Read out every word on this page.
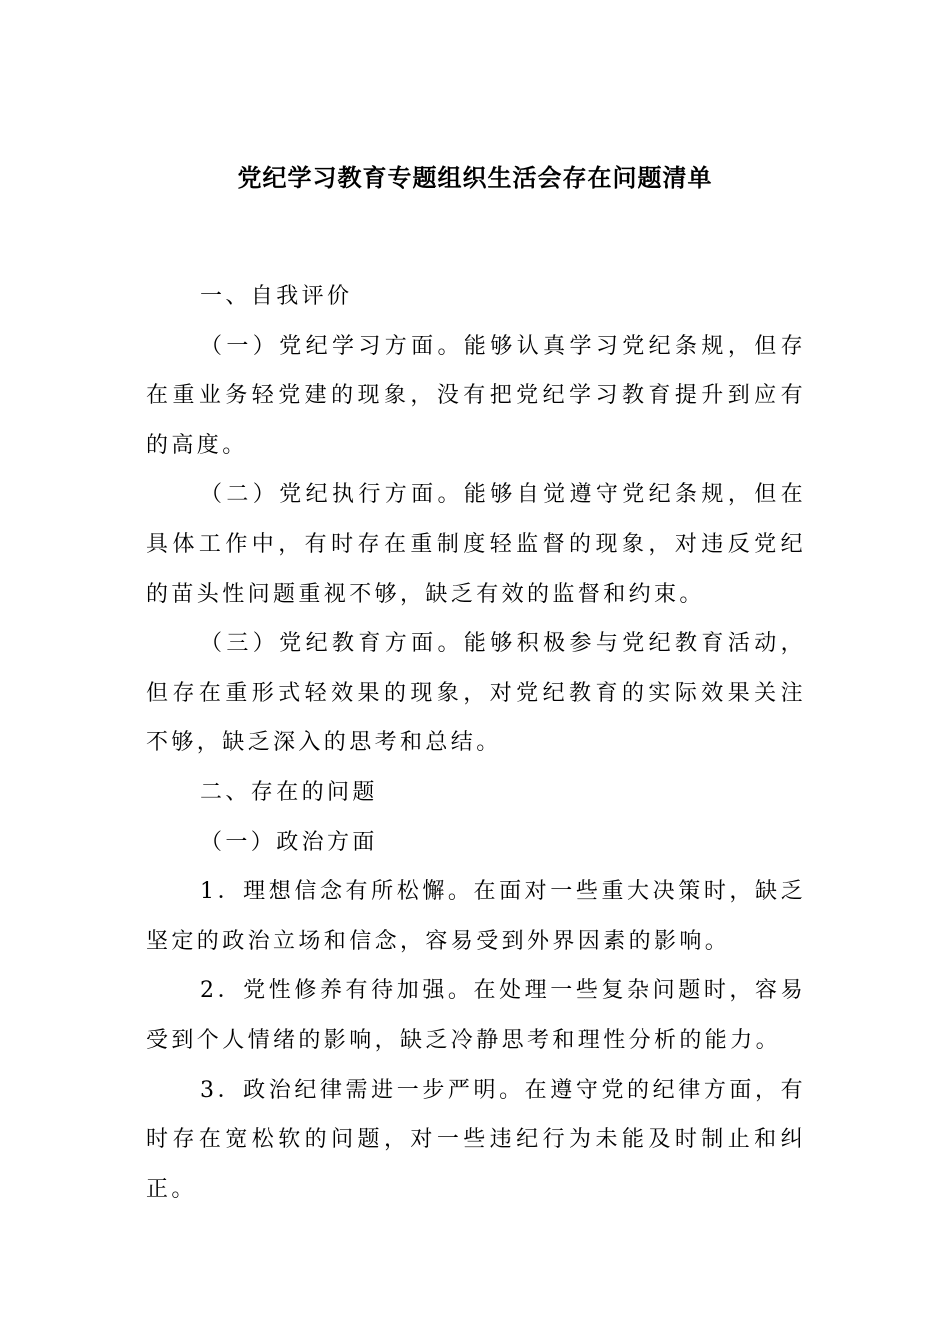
党纪学习教育专题组织生活会存在问题清单

一、自我评价

（一）党纪学习方面。能够认真学习党纪条规，但存在重业务轻党建的现象，没有把党纪学习教育提升到应有的高度。

（二）党纪执行方面。能够自觉遵守党纪条规，但在具体工作中，有时存在重制度轻监督的现象，对违反党纪的苗头性问题重视不够，缺乏有效的监督和约束。

（三）党纪教育方面。能够积极参与党纪教育活动，但存在重形式轻效果的现象，对党纪教育的实际效果关注不够，缺乏深入的思考和总结。

二、存在的问题

（一）政治方面

1．理想信念有所松懈。在面对一些重大决策时，缺乏坚定的政治立场和信念，容易受到外界因素的影响。

2．党性修养有待加强。在处理一些复杂问题时，容易受到个人情绪的影响，缺乏冷静思考和理性分析的能力。

3．政治纪律需进一步严明。在遵守党的纪律方面，有时存在宽松软的问题，对一些违纪行为未能及时制止和纠正。
